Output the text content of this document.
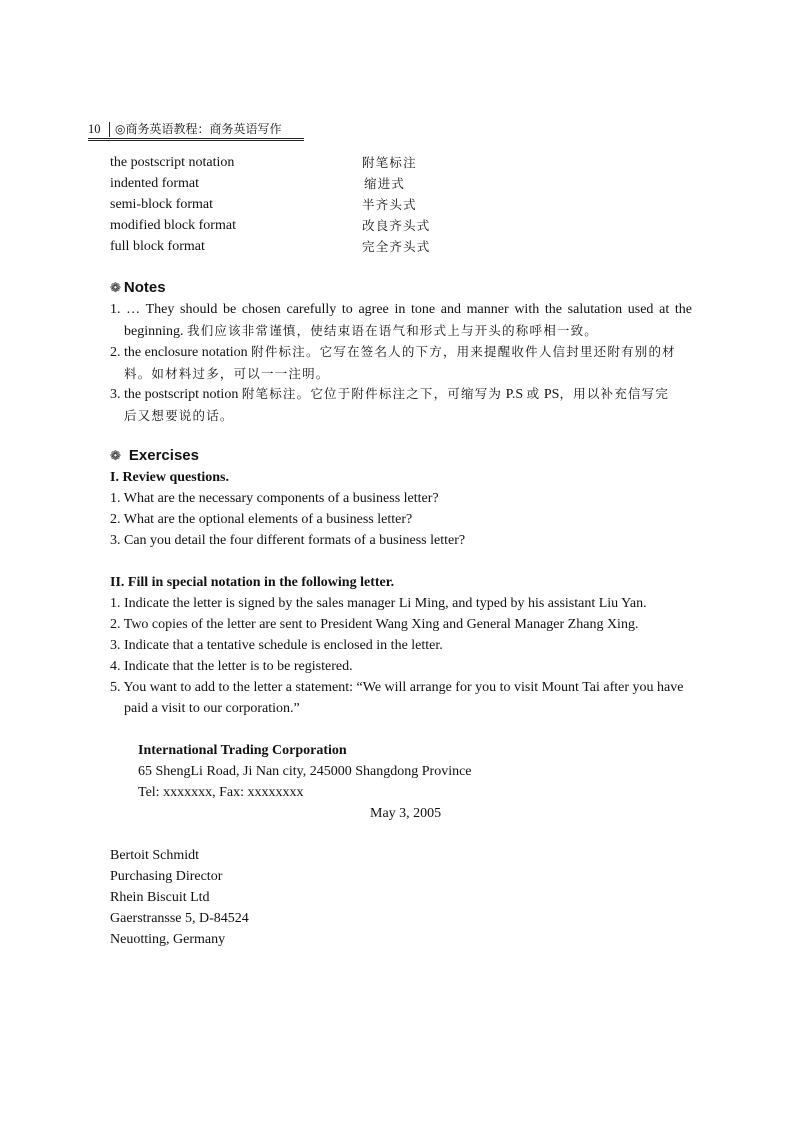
10 ◎商务英语教程：商务英语写作
the postscript notation	附笔标注
indented format	缩进式
semi-block format	半齐头式
modified block format	改良齐头式
full block format	完全齐头式
❁ Notes
1. … They should be chosen carefully to agree in tone and manner with the salutation used at the
beginning. 我们应该非常谨慎，使结束语在语气和形式上与开头的称呼相一致。
2. the enclosure notation 附件标注。它写在签名人的下方，用来提醒收件人信封里还附有别的材
料。如材料过多，可以一一注明。
3. the postscript notion 附笔标注。它位于附件标注之下，可缩写为 P.S 或 PS，用以补充信写完
后又想要说的话。
❁ Exercises
I. Review questions.
1. What are the necessary components of a business letter?
2. What are the optional elements of a business letter?
3. Can you detail the four different formats of a business letter?
II. Fill in special notation in the following letter.
1. Indicate the letter is signed by the sales manager Li Ming, and typed by his assistant Liu Yan.
2. Two copies of the letter are sent to President Wang Xing and General Manager Zhang Xing.
3. Indicate that a tentative schedule is enclosed in the letter.
4. Indicate that the letter is to be registered.
5. You want to add to the letter a statement: “We will arrange for you to visit Mount Tai after you have
paid a visit to our corporation.”
International Trading Corporation
65 ShengLi Road, Ji Nan city, 245000 Shangdong Province
Tel: xxxxxxx, Fax: xxxxxxxx
May 3, 2005
Bertoit Schmidt
Purchasing Director
Rhein Biscuit Ltd
Gaerstransse 5, D-84524
Neuotting, Germany
